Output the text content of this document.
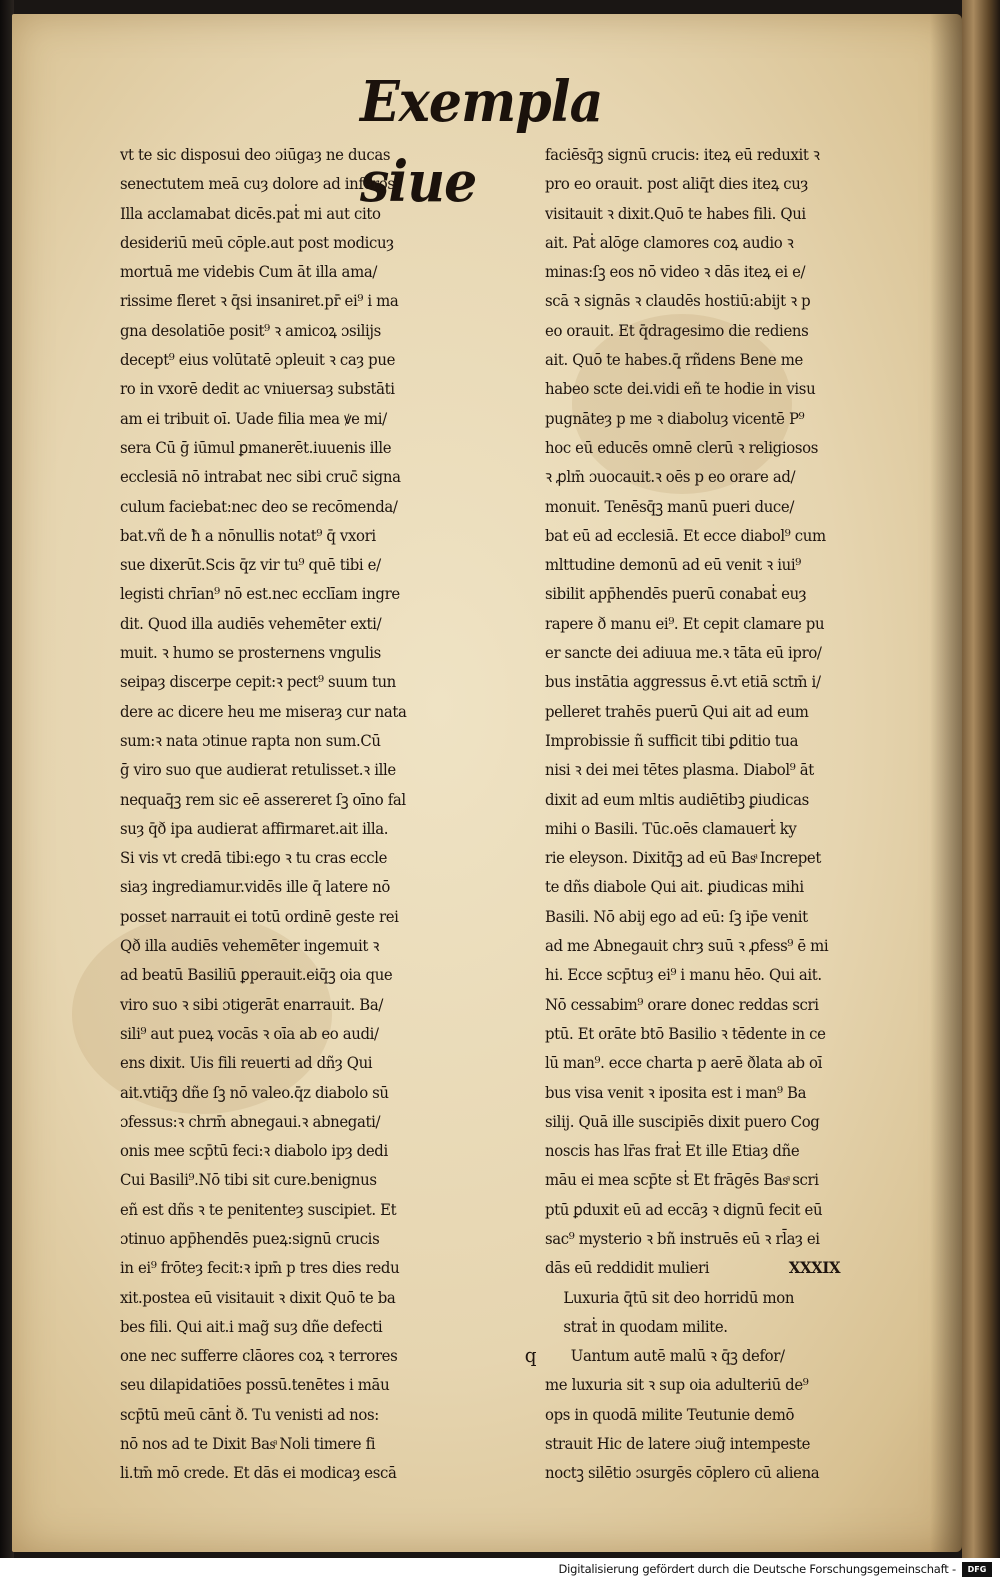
Exempla siue
vt te sic disposui deo ɔiūgaȝ ne ducas
senectutem meā cuȝ dolore ad inferos.
Illa acclamabat dicēs.paṫ mi aut cito
desideriū meū cōple.aut post modicuȝ
mortuā me videbis Cum āt illa ama/
rissime fleret ꝛ q̄si insaniret.pr̄ ei⁹ i ma
gna desolatiōe posit⁹ ꝛ amicoꝝ ɔsilijs
decept⁹ eius volūtatē ɔpleuit ꝛ caȝ pue
ro in vxorē dedit ac vniuersaȝ substāti
am ei tribuit oī. Uade filia mea ꝟe mi/
sera Cū ḡ iūmul ꝑmanerēt.iuuenis ille
ecclesiā nō intrabat nec sibi cruc̄ signa
culum faciebat:nec deo se recōmenda/
bat.vñ de ħ a nōnullis notat⁹ q̄ vxori
sue dixerūt.Scis q̄z vir tu⁹ quē tibi e/
legisti chrīan⁹ nō est.nec ecclīam ingre
dit. Quod illa audiēs vehemēter exti/
muit. ꝛ humo se prosternens vngulis
seipaȝ discerpe cepit:ꝛ pect⁹ suum tun
dere ac dicere heu me miseraȝ cur nata
sum:ꝛ nata ɔtinue rapta non sum.Cū
ḡ viro suo que audierat retulisset.ꝛ ille
nequaq̄ꝫ rem sic eē assereret ſꝫ oīno fal
suȝ q̄ð ipa audierat affirmaret.ait illa.
Si vis vt credā tibi:ego ꝛ tu cras eccle
siaȝ ingrediamur.vidēs ille q̄ latere nō
posset narrauit ei totū ordinē geste rei
Qð illa audiēs vehemēter ingemuit ꝛ
ad beatū Basiliū ꝑperauit.eiq̄ꝫ oia que
viro suo ꝛ sibi ɔtigerāt enarrauit. Ba/
sili⁹ aut pueꝝ vocās ꝛ oīa ab eo audi/
ens dixit. Uis fili reuerti ad dñȝ Qui
ait.vtiq̄ꝫ dñe ſꝫ nō valeo.q̄z diabolo sū
ɔfessus:ꝛ chrm̄ abnegaui.ꝛ abnegati/
onis mee scp̄tū feci:ꝛ diabolo ipȝ dedi
Cui Basili⁹.Nō tibi sit cure.benignus
eñ est dñs ꝛ te penitenteȝ suscipiet. Et
ɔtinuo app̄hendēs pueꝝ:signū crucis
in ei⁹ frōteȝ fecit:ꝛ ipm̄ p tres dies redu
xit.postea eū visitauit ꝛ dixit Quō te ba
bes fili. Qui ait.i mag̃ suȝ dñe defecti
one nec sufferre clāores coꝝ ꝛ terrores
seu dilapidatiōes possū.tenētes i māu
scp̄tū meū cānṫ ð. Tu venisti ad nos:
nō nos ad te Dixit Basͣ Noli timere fi
li.tm̄ mō crede. Et dās ei modicaȝ escā
faciēsq̄ꝫ signū crucis: iteꝝ eū reduxit ꝛ
pro eo orauit. post aliq̄t dies iteꝝ cuȝ
visitauit ꝛ dixit.Quō te habes fili. Qui
ait. Paṫ alōge clamores coꝝ audio ꝛ
minas:ſꝫ eos nō video ꝛ dās iteꝝ ei e/
scā ꝛ signās ꝛ claudēs hostiū:abijt ꝛ p
eo orauit. Et q̄dragesimo die rediens
ait. Quō te habes.q̄ rñdens Bene me
habeo scte dei.vidi eñ te hodie in visu
pugnāteȝ p me ꝛ diaboluȝ vicentē P⁹
hoc eū educēs omnē clerū ꝛ religiosos
ꝛ ꝓlm̄ ɔuocauit.ꝛ oēs p eo orare ad/
monuit. Tenēsq̄ꝫ manū pueri duce/
bat eū ad ecclesiā. Et ecce diabol⁹ cum
mlttudine demonū ad eū venit ꝛ iui⁹
sibilit app̄hendēs puerū conabaṫ euȝ
rapere ð manu ei⁹. Et cepit clamare pu
er sancte dei adiuua me.ꝛ tāta eū ipro/
bus instātia aggressus ē.vt etiā sctm̄ i/
pelleret trahēs puerū Qui ait ad eum
Improbissie ñ sufficit tibi ꝑditio tua
nisi ꝛ dei mei tētes plasma. Diabol⁹ āt
dixit ad eum mltis audiētibꝫ ꝑiudicas
mihi o Basili. Tūc.oēs clamauerṫ ky
rie eleyson. Dixitq̄ꝫ ad eū Basͣ Increpet
te dñs diabole Qui ait. ꝑiudicas mihi
Basili. Nō abij ego ad eū: ſꝫ ip̄e venit
ad me Abnegauit chrȝ suū ꝛ ꝓfess⁹ ē mi
hi. Ecce scp̄tuȝ ei⁹ i manu hēo. Qui ait.
Nō cessabim⁹ orare donec reddas scri
ptū. Et orāte btō Basilio ꝛ tēdente in ce
lū man⁹. ecce charta p aerē ðlata ab oī
bus visa venit ꝛ iposita est i man⁹ Ba
silij. Quā ille suscipiēs dixit puero Cog
noscis has lr̄as fraṫ Et ille Etiaȝ dñe
māu ei mea scp̄te sṫ Et frāgēs Basͣ scri
ptū ꝑduxit eū ad eccāȝ ꝛ dignū fecit eū
sac⁹ mysterio ꝛ bñ instruēs eū ꝛ rl̄aȝ ei
dās eū reddidit mulieri	XXXIX
Luxuria q̄tū sit deo horridū mon
straṫ in quodam milite.
q Uantum autē malū ꝛ q̄ꝫ defor/
me luxuria sit ꝛ sup oia adulteriū de⁹
ops in quodā milite Teutunie demō
strauit Hic de latere ɔiug̃ intempeste
noctꝫ silētio ɔsurgēs cōplero cū aliena
Digitalisierung gefördert durch die Deutsche Forschungsgemeinschaft -	DFG
